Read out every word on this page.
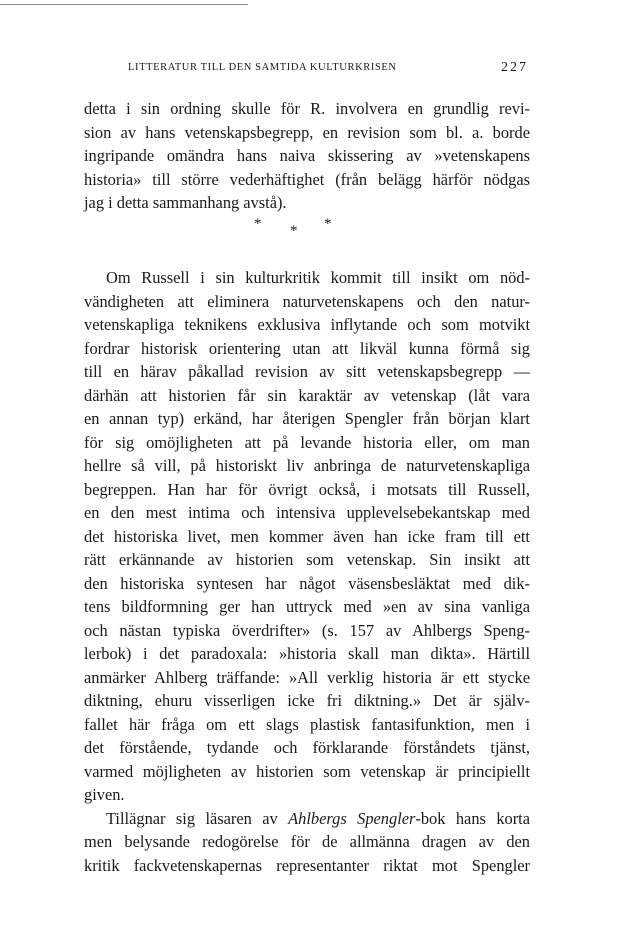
LITTERATUR TILL DEN SAMTIDA KULTURKRISEN	227
detta i sin ordning skulle för R. involvera en grundlig revi-
sion av hans vetenskapsbegrepp, en revision som bl. a. borde
ingripande omändra hans naiva skissering av »vetenskapens
historia» till större vederhäftighet (från belägg härför nödgas
jag i detta sammanhang avstå).
* * *
Om Russell i sin kulturkritik kommit till insikt om nöd-
vändigheten att eliminera naturvetenskapens och den natur-
vetenskapliga teknikens exklusiva inflytande och som motvikt
fordrar historisk orientering utan att likväl kunna förmå sig
till en härav påkallad revision av sitt vetenskapsbegrepp —
därhän att historien får sin karaktär av vetenskap (låt vara
en annan typ) erkänd, har återigen Spengler från början klart
för sig omöjligheten att på levande historia eller, om man
hellre så vill, på historiskt liv anbringa de naturvetenskapliga
begreppen. Han har för övrigt också, i motsats till Russell,
en den mest intima och intensiva upplevelsebekantskap med
det historiska livet, men kommer även han icke fram till ett
rätt erkännande av historien som vetenskap. Sin insikt att
den historiska syntesen har något väsensbesläktat med dik-
tens bildformning ger han uttryck med »en av sina vanliga
och nästan typiska överdrifter» (s. 157 av Ahlbergs Speng-
lerbok) i det paradoxala: »historia skall man dikta». Härtill
anmärker Ahlberg träffande: »All verklig historia är ett stycke
diktning, ehuru visserligen icke fri diktning.» Det är själv-
fallet här fråga om ett slags plastisk fantasifunktion, men i
det förstående, tydande och förklarande förståndets tjänst,
varmed möjligheten av historien som vetenskap är principiellt
given.
Tillägnar sig läsaren av Ahlbergs Spengler-bok hans korta
men belysande redogörelse för de allmänna dragen av den
kritik fackvetenskapernas representanter riktat mot Spengler
